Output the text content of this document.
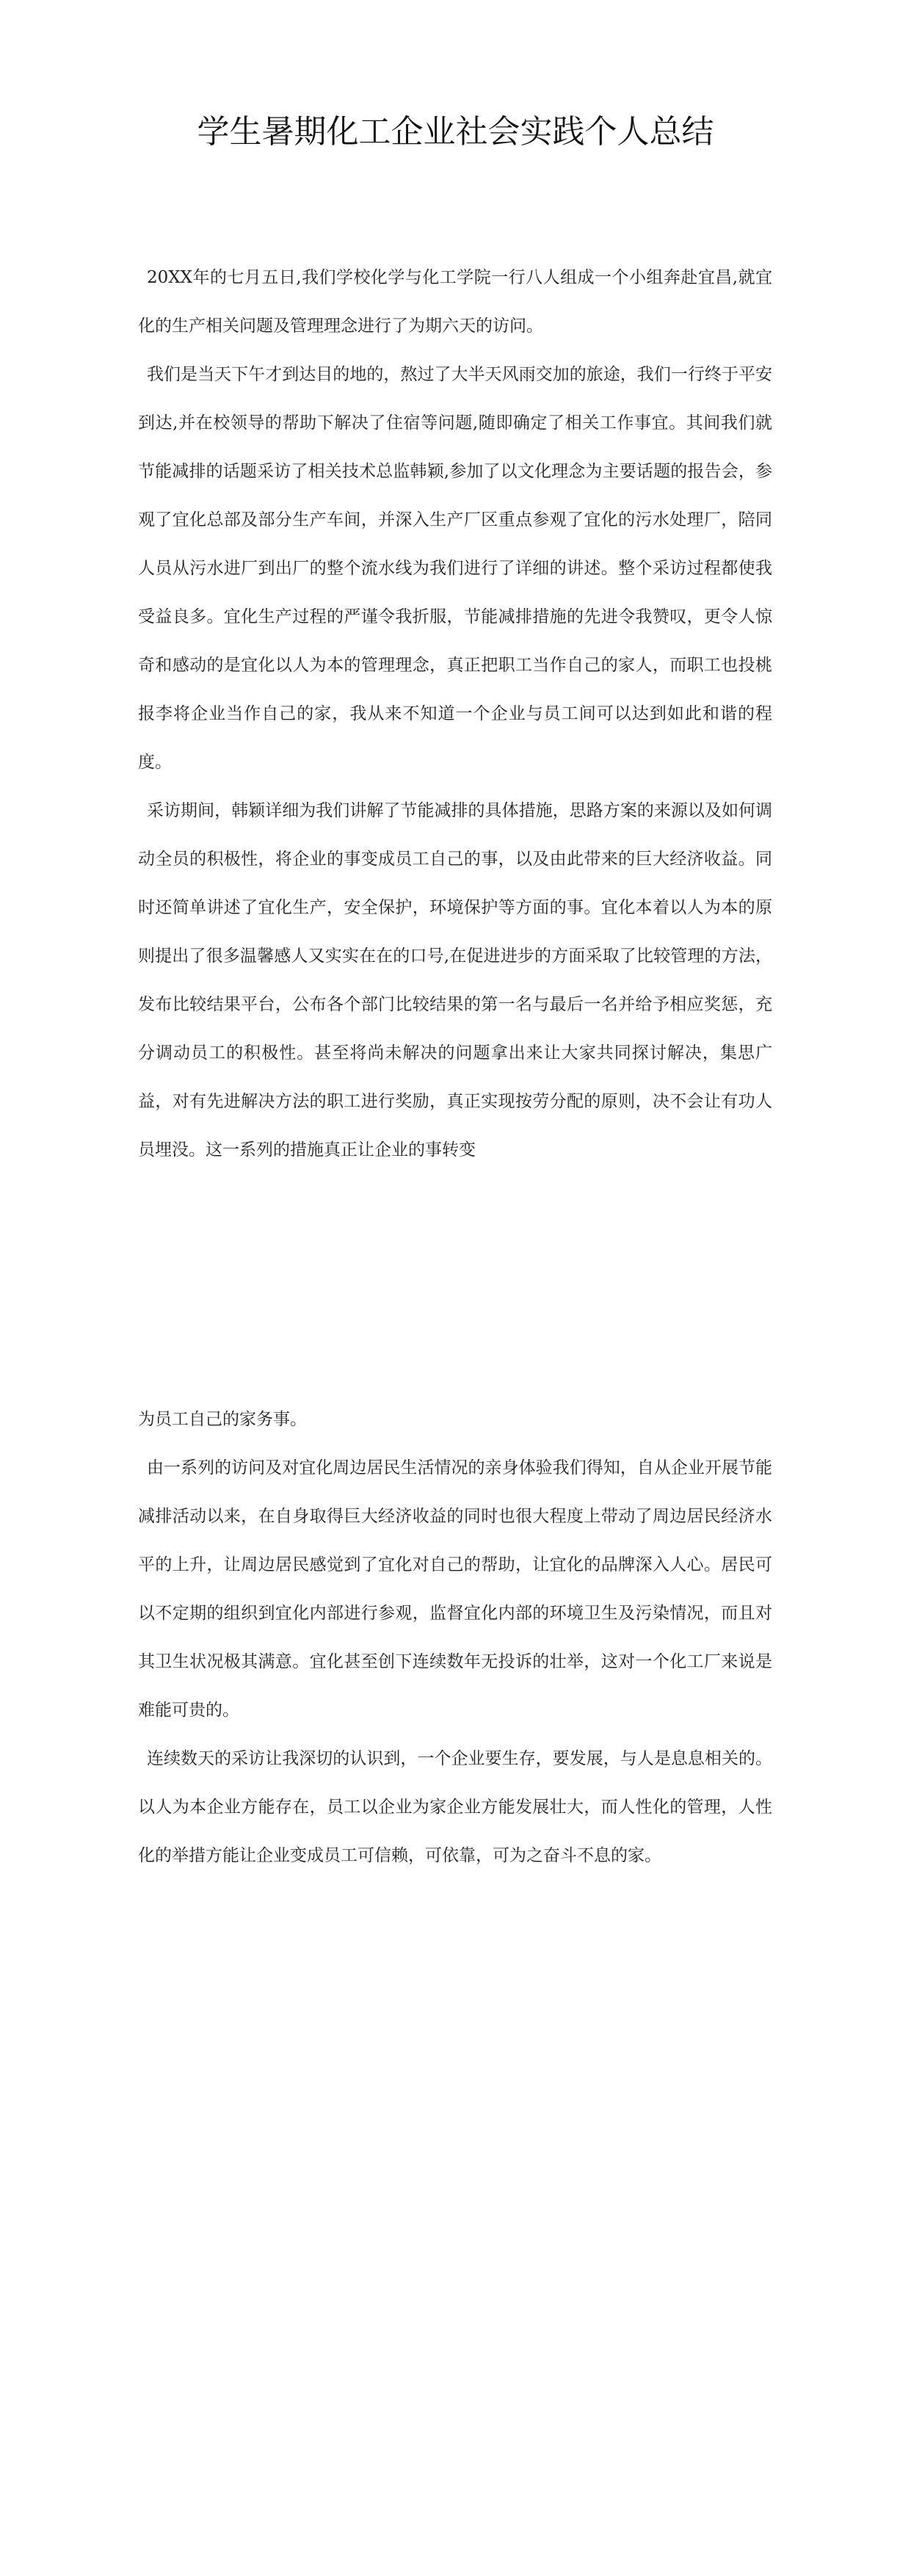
学生暑期化工企业社会实践个人总结

20XX年的七月五日,我们学校化学与化工学院一行八人组成一个小组奔赴宜昌,就宜化的生产相关问题及管理理念进行了为期六天的访问。

我们是当天下午才到达目的地的，熬过了大半天风雨交加的旅途，我们一行终于平安到达,并在校领导的帮助下解决了住宿等问题,随即确定了相关工作事宜。其间我们就节能减排的话题采访了相关技术总监韩颖,参加了以文化理念为主要话题的报告会，参观了宜化总部及部分生产车间，并深入生产厂区重点参观了宜化的污水处理厂，陪同人员从污水进厂到出厂的整个流水线为我们进行了详细的讲述。整个采访过程都使我受益良多。宜化生产过程的严谨令我折服，节能减排措施的先进令我赞叹，更令人惊奇和感动的是宜化以人为本的管理理念，真正把职工当作自己的家人，而职工也投桃报李将企业当作自己的家，我从来不知道一个企业与员工间可以达到如此和谐的程度。

采访期间，韩颖详细为我们讲解了节能减排的具体措施，思路方案的来源以及如何调动全员的积极性，将企业的事变成员工自己的事，以及由此带来的巨大经济收益。同时还简单讲述了宜化生产，安全保护，环境保护等方面的事。宜化本着以人为本的原则提出了很多温馨感人又实实在在的口号,在促进进步的方面采取了比较管理的方法，发布比较结果平台，公布各个部门比较结果的第一名与最后一名并给予相应奖惩，充分调动员工的积极性。甚至将尚未解决的问题拿出来让大家共同探讨解决，集思广益，对有先进解决方法的职工进行奖励，真正实现按劳分配的原则，决不会让有功人员埋没。这一系列的措施真正让企业的事转变

为员工自己的家务事。

由一系列的访问及对宜化周边居民生活情况的亲身体验我们得知，自从企业开展节能减排活动以来，在自身取得巨大经济收益的同时也很大程度上带动了周边居民经济水平的上升，让周边居民感觉到了宜化对自己的帮助，让宜化的品牌深入人心。居民可以不定期的组织到宜化内部进行参观，监督宜化内部的环境卫生及污染情况，而且对其卫生状况极其满意。宜化甚至创下连续数年无投诉的壮举，这对一个化工厂来说是难能可贵的。

连续数天的采访让我深切的认识到，一个企业要生存，要发展，与人是息息相关的。以人为本企业方能存在，员工以企业为家企业方能发展壮大，而人性化的管理，人性化的举措方能让企业变成员工可信赖，可依靠，可为之奋斗不息的家。
